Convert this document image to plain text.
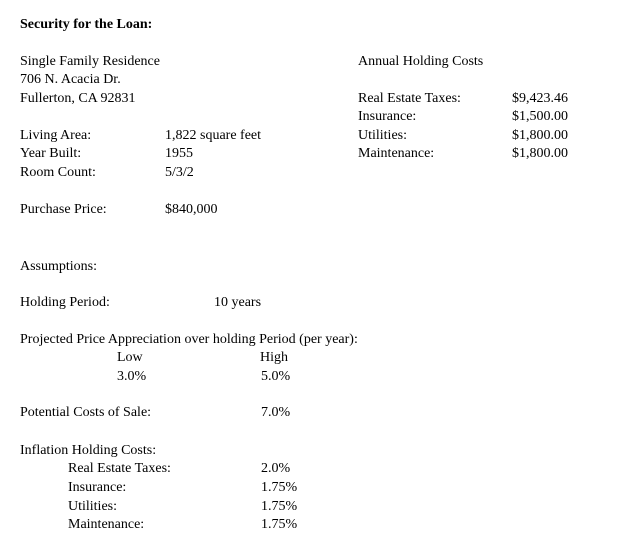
Security for the Loan:
Single Family Residence
706 N. Acacia Dr.
Fullerton, CA 92831
Annual Holding Costs
Real Estate Taxes:	$9,423.46
Insurance:	$1,500.00
Utilities:	$1,800.00
Maintenance:	$1,800.00
Living Area:	1,822 square feet
Year Built:	1955
Room Count:	5/3/2
Purchase Price:	$840,000
Assumptions:
Holding Period:	10 years
Projected Price Appreciation over holding Period (per year):
Low	High
3.0%	5.0%
Potential Costs of Sale:	7.0%
Inflation Holding Costs:
Real Estate Taxes:	2.0%
Insurance:	1.75%
Utilities:	1.75%
Maintenance:	1.75%
